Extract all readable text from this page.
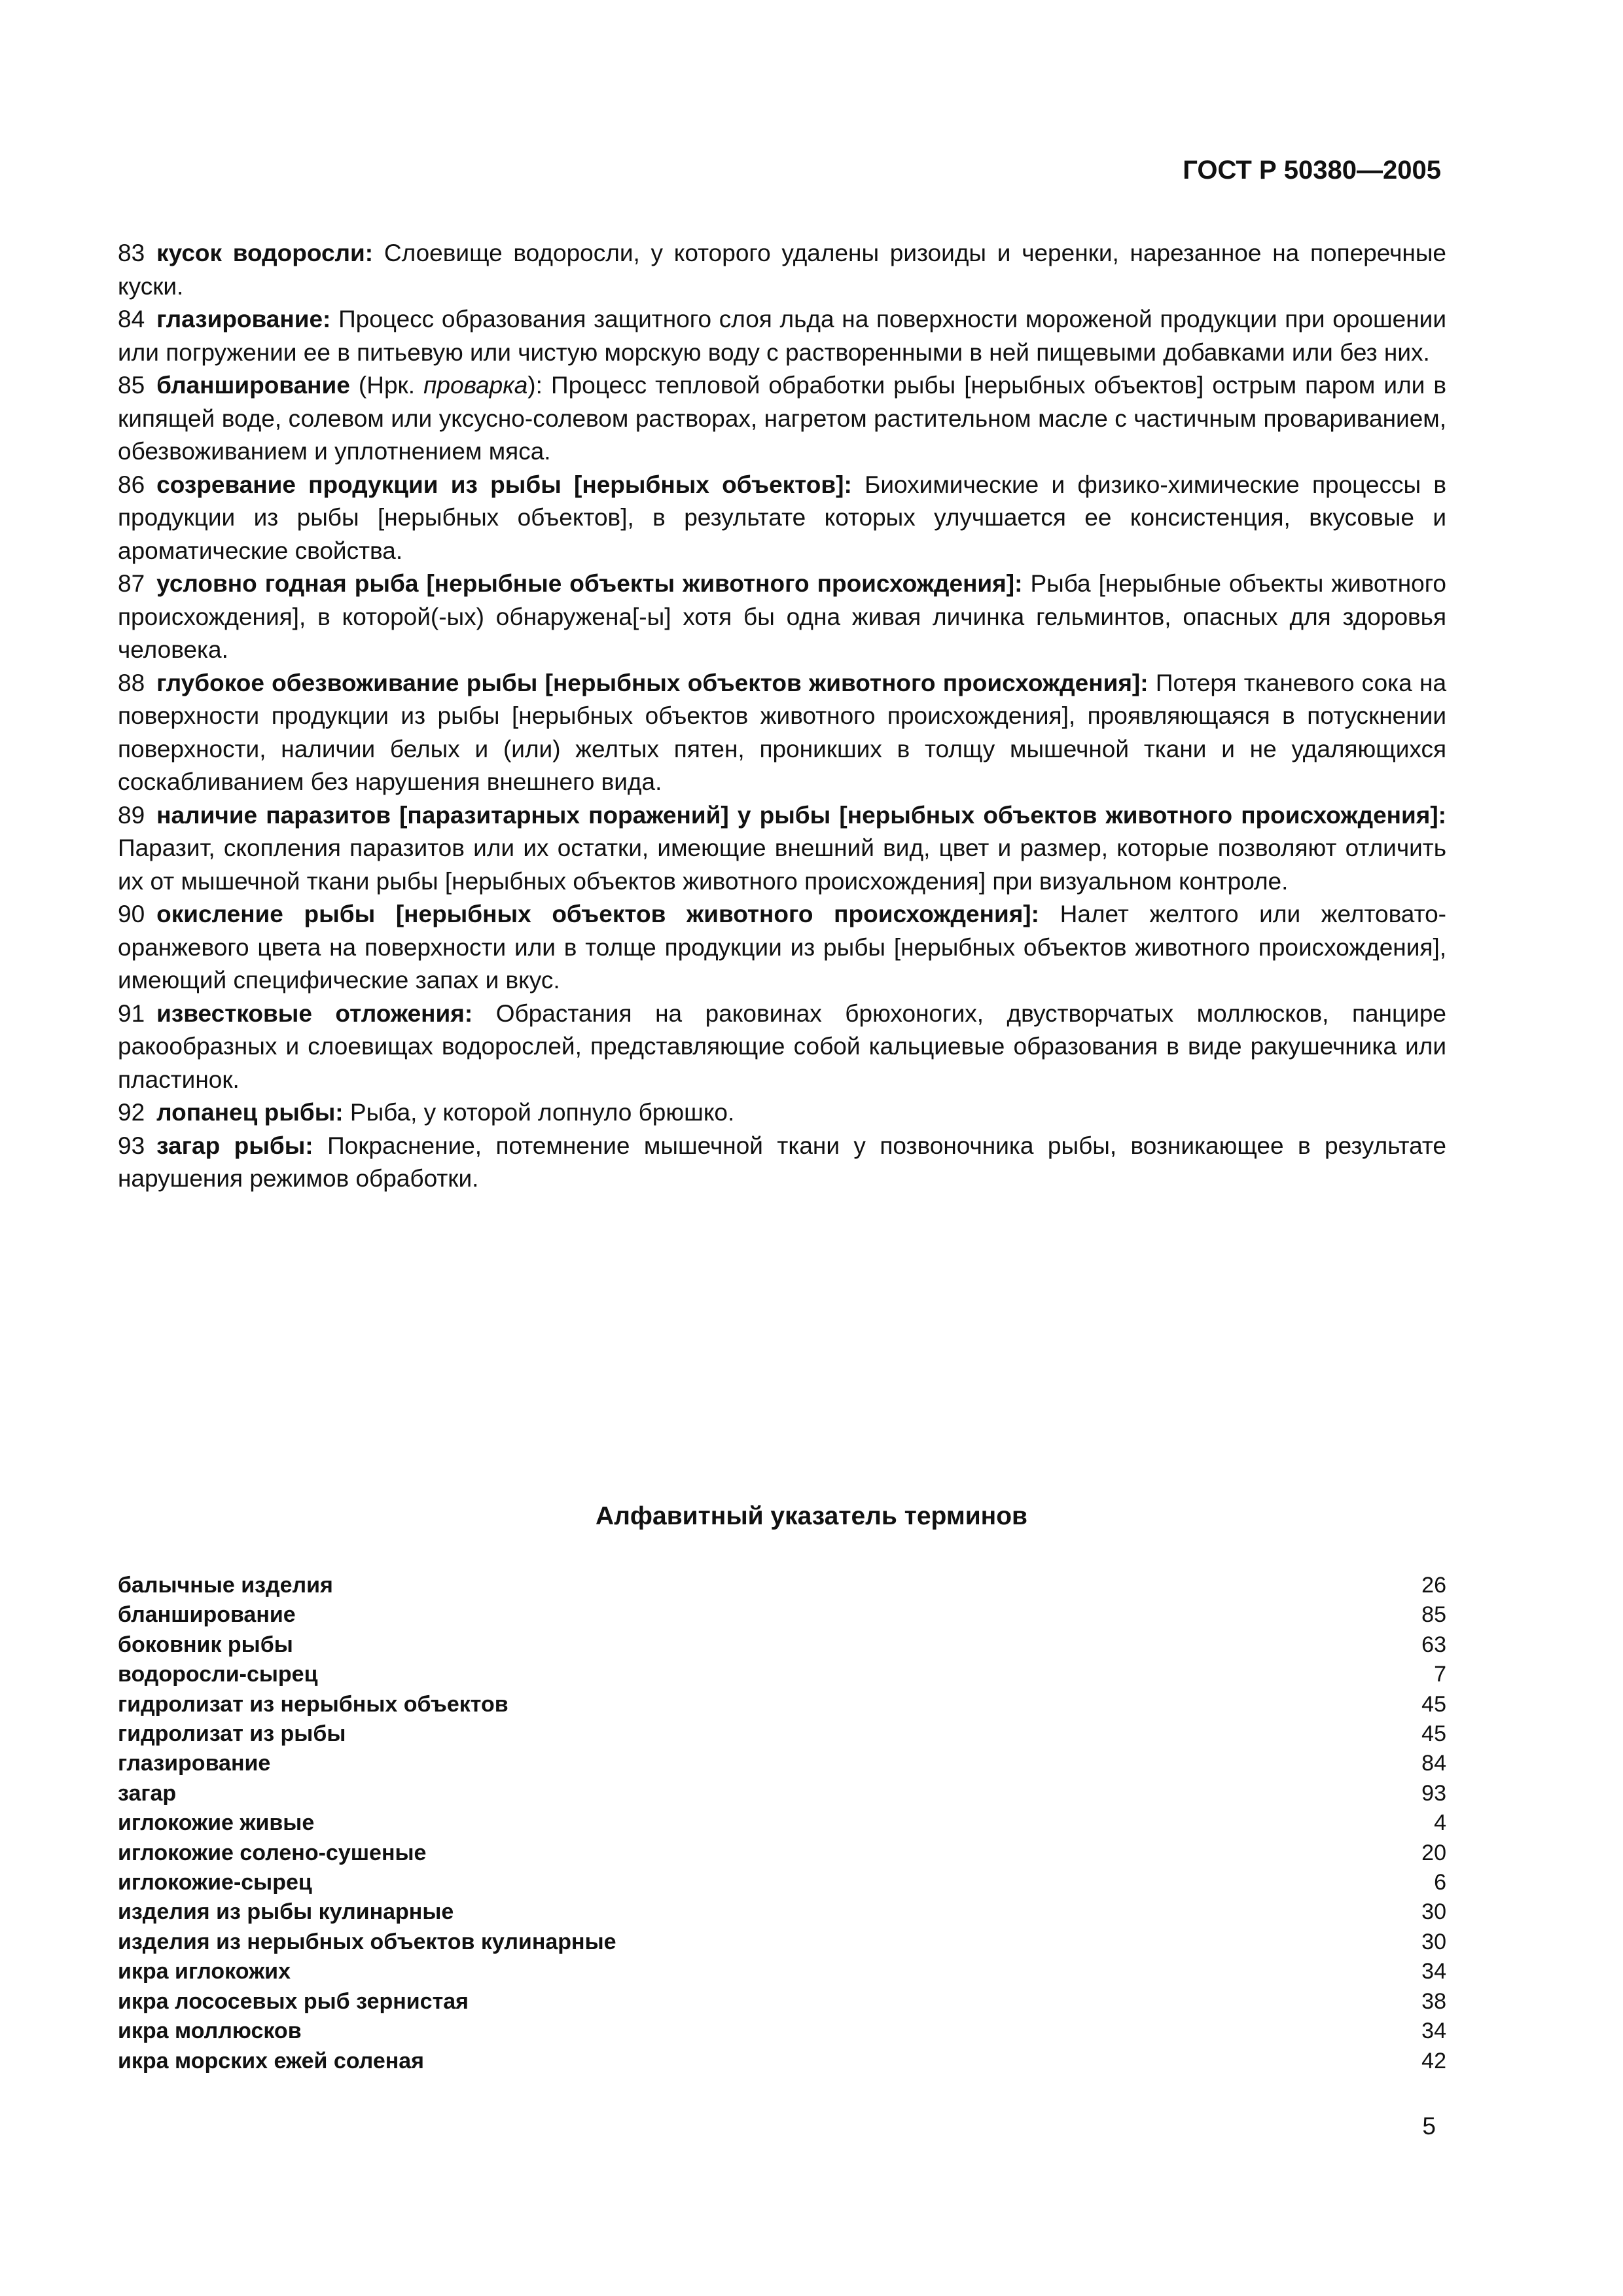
ГОСТ Р 50380—2005

83 кусок водоросли: Слоевище водоросли, у которого удалены ризоиды и черенки, нарезанное на поперечные куски.

84 глазирование: Процесс образования защитного слоя льда на поверхности мороженой продукции при орошении или погружении ее в питьевую или чистую морскую воду с растворенными в ней пищевыми добавками или без них.

85 бланширование (Нрк. проварка): Процесс тепловой обработки рыбы [нерыбных объектов] острым паром или в кипящей воде, солевом или уксусно-солевом растворах, нагретом растительном масле с частичным провариванием, обезвоживанием и уплотнением мяса.

86 созревание продукции из рыбы [нерыбных объектов]: Биохимические и физико-химические процессы в продукции из рыбы [нерыбных объектов], в результате которых улучшается ее консистенция, вкусовые и ароматические свойства.

87 условно годная рыба [нерыбные объекты животного происхождения]: Рыба [нерыбные объекты животного происхождения], в которой(-ых) обнаружена[-ы] хотя бы одна живая личинка гельминтов, опасных для здоровья человека.

88 глубокое обезвоживание рыбы [нерыбных объектов животного происхождения]: Потеря тканевого сока на поверхности продукции из рыбы [нерыбных объектов животного происхождения], проявляющаяся в потускнении поверхности, наличии белых и (или) желтых пятен, проникших в толщу мышечной ткани и не удаляющихся соскабливанием без нарушения внешнего вида.

89 наличие паразитов [паразитарных поражений] у рыбы [нерыбных объектов животного происхождения]: Паразит, скопления паразитов или их остатки, имеющие внешний вид, цвет и размер, которые позволяют отличить их от мышечной ткани рыбы [нерыбных объектов животного происхождения] при визуальном контроле.

90 окисление рыбы [нерыбных объектов животного происхождения]: Налет желтого или желтовато-оранжевого цвета на поверхности или в толще продукции из рыбы [нерыбных объектов животного происхождения], имеющий специфические запах и вкус.

91 известковые отложения: Обрастания на раковинах брюхоногих, двустворчатых моллюсков, панцире ракообразных и слоевищах водорослей, представляющие собой кальциевые образования в виде ракушечника или пластинок.

92 лопанец рыбы: Рыба, у которой лопнуло брюшко.

93 загар рыбы: Покраснение, потемнение мышечной ткани у позвоночника рыбы, возникающее в результате нарушения режимов обработки.

Алфавитный указатель терминов
балычные изделия	26
бланширование	85
боковник рыбы	63
водоросли-сырец	7
гидролизат из нерыбных объектов	45
гидролизат из рыбы	45
глазирование	84
загар	93
иглокожие живые	4
иглокожие солено-сушеные	20
иглокожие-сырец	6
изделия из рыбы кулинарные	30
изделия из нерыбных объектов кулинарные	30
икра иглокожих	34
икра лососевых рыб зернистая	38
икра моллюсков	34
икра морских ежей соленая	42

5
